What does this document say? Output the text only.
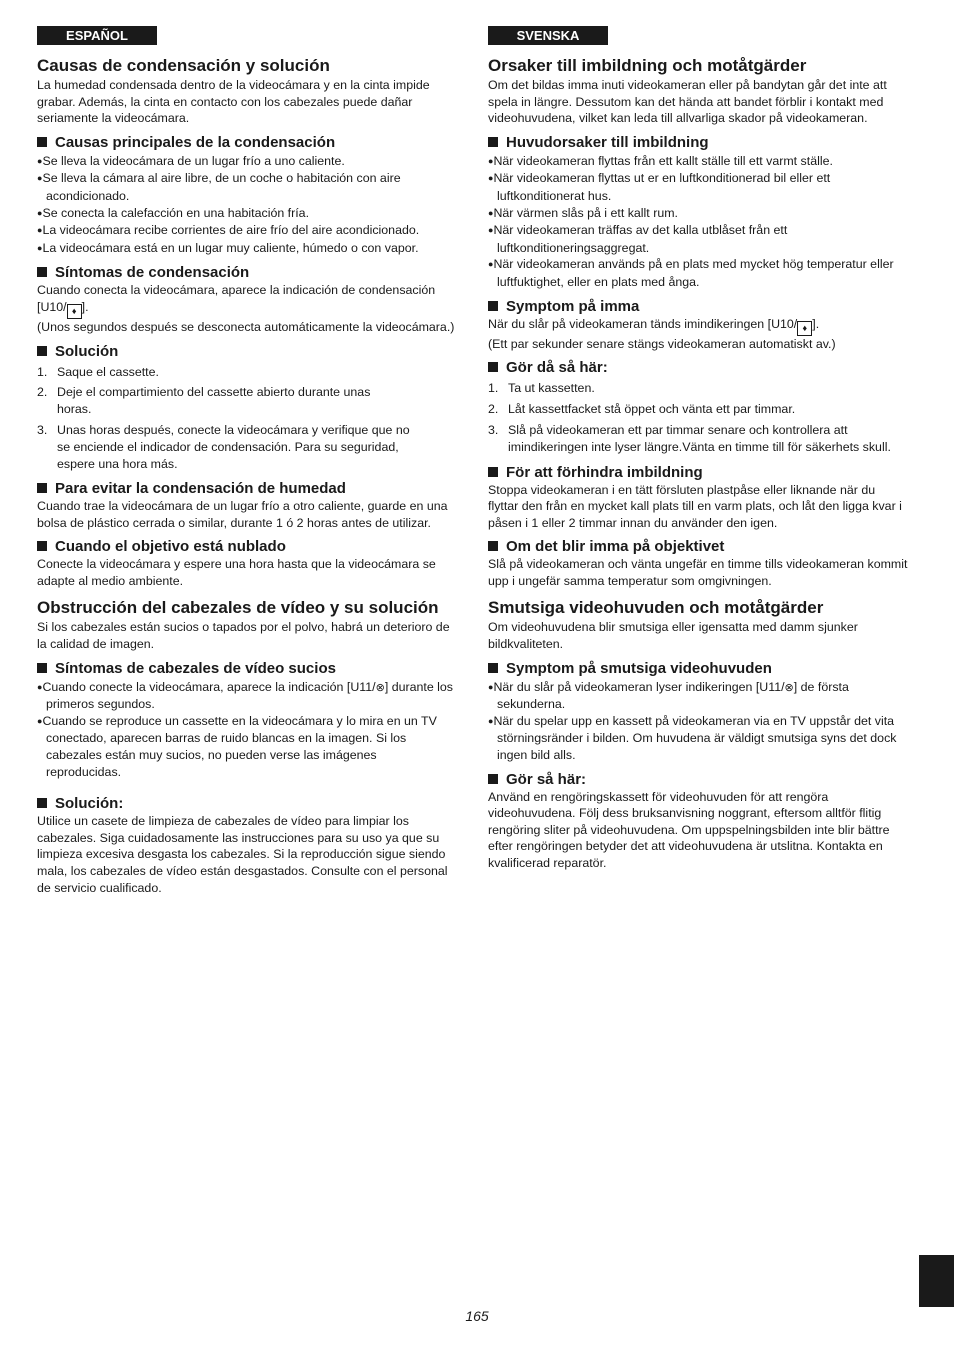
ESPAÑOL
Causas de condensación y solución

La humedad condensada dentro de la videocámara y en la cinta impide grabar. Además, la cinta en contacto con los cabezales puede dañar seriamente la videocámara.

Causas principales de la condensación
● Se lleva la videocámara de un lugar frío a uno caliente.
● Se lleva la cámara al aire libre, de un coche o habitación con aire acondicionado.
● Se conecta la calefacción en una habitación fría.
● La videocámara recibe corrientes de aire frío del aire acondicionado.
● La videocámara está en un lugar muy caliente, húmedo o con vapor.
Síntomas de condensación

Cuando conecta la videocámara, aparece la indicación de condensación [U10/ ♦ ].
(Unos segundos después se desconecta automáticamente la videocámara.)

Solución
1. Saque el cassette.
2. Deje el compartimiento del cassette abierto durante unas horas.
3. Unas horas después, conecte la videocámara y verifique que no se enciende el indicador de condensación. Para su seguridad, espere una hora más.
Para evitar la condensación de humedad

Cuando trae la videocámara de un lugar frío a otro caliente, guarde en una bolsa de plástico cerrada o similar, durante 1 ó 2 horas antes de utilizar.

Cuando el objetivo está nublado

Conecte la videocámara y espere una hora hasta que la videocámara se adapte al medio ambiente.

Obstrucción del cabezales de vídeo y su solución

Si los cabezales están sucios o tapados por el polvo, habrá un deterioro de la calidad de imagen.

Síntomas de cabezales de vídeo sucios
● Cuando conecte la videocámara, aparece la indicación [U11/⊗] durante los primeros segundos.
● Cuando se reproduce un cassette en la videocámara y lo mira en un TV conectado, aparecen barras de ruido blancas en la imagen. Si los cabezales están muy sucios, no pueden verse las imágenes reproducidas.
Solución:

Utilice un casete de limpieza de cabezales de vídeo para limpiar los cabezales. Siga cuidadosamente las instrucciones para su uso ya que su limpieza excesiva desgasta los cabezales. Si la reproducción sigue siendo mala, los cabezales de vídeo están desgastados. Consulte con el personal de servicio cualificado.

SVENSKA
Orsaker till imbildning och motåtgärder

Om det bildas imma inuti videokameran eller på bandytan går det inte att spela in längre. Dessutom kan det hända att bandet förblir i kontakt med videohuvudena, vilket kan leda till allvarliga skador på videokameran.

Huvudorsaker till imbildning
● När videokameran flyttas från ett kallt ställe till ett varmt ställe.
● När videokameran flyttas ut er en luftkonditionerad bil eller ett luftkonditionerat hus.
● När värmen slås på i ett kallt rum.
● När videokameran träffas av det kalla utblåset från ett luftkonditioneringsaggregat.
● När videokameran används på en plats med mycket hög temperatur eller luftfuktighet, eller en plats med ånga.
Symptom på imma

När du slår på videokameran tänds imindikeringen [U10/ ♦ ].
(Ett par sekunder senare stängs videokameran automatiskt av.)

Gör då så här:
1. Ta ut kassetten.
2. Låt kassettfacket stå öppet och vänta ett par timmar.
3. Slå på videokameran ett par timmar senare och kontrollera att imindikeringen inte lyser längre.Vänta en timme till för säkerhets skull.
För att förhindra imbildning

Stoppa videokameran i en tätt försluten plastpåse eller liknande när du flyttar den från en mycket kall plats till en varm plats, och låt den ligga kvar i påsen i 1 eller 2 timmar innan du använder den igen.

Om det blir imma på objektivet

Slå på videokameran och vänta ungefär en timme tills videokameran kommit upp i ungefär samma temperatur som omgivningen.

Smutsiga videohuvuden och motåtgärder

Om videohuvudena blir smutsiga eller igensatta med damm sjunker bildkvaliteten.

Symptom på smutsiga videohuvuden
● När du slår på videokameran lyser indikeringen [U11/⊗] de första sekunderna.
● När du spelar upp en kassett på videokameran via en TV uppstår det vita störningsränder i bilden. Om huvudena är väldigt smutsiga syns det dock ingen bild alls.
Gör så här:

Använd en rengöringskassett för videohuvuden för att rengöra videohuvudena. Följ dess bruksanvisning noggrant, eftersom alltför flitig rengöring sliter på videohuvudena. Om uppspelningsbilden inte blir bättre efter rengöringen betyder det att videohuvudena är utslitna. Kontakta en kvalificerad reparatör.

165
